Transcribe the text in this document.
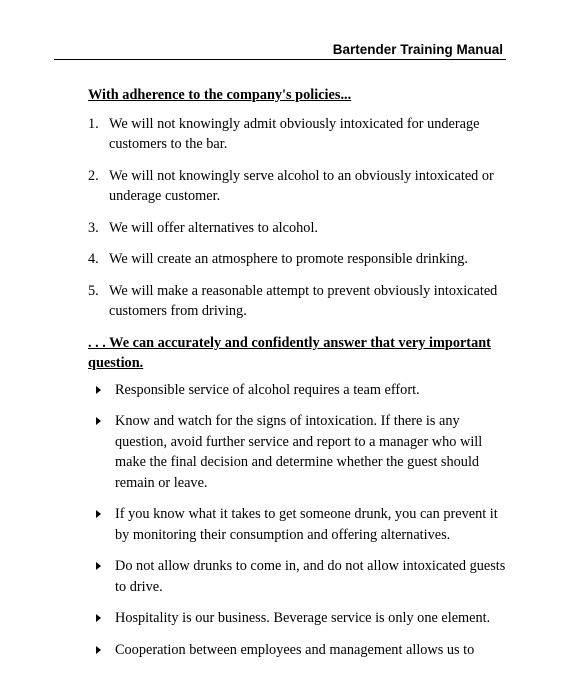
Bartender Training Manual

With adherence to the company's policies...

1. We will not knowingly admit obviously intoxicated for underage customers to the bar.
2. We will not knowingly serve alcohol to an obviously intoxicated or underage customer.
3. We will offer alternatives to alcohol.
4. We will create an atmosphere to promote responsible drinking.
5. We will make a reasonable attempt to prevent obviously intoxicated customers from driving.

. . . We can accurately and confidently answer that very important question.

Responsible service of alcohol requires a team effort.
Know and watch for the signs of intoxication. If there is any question, avoid further service and report to a manager who will make the final decision and determine whether the guest should remain or leave.
If you know what it takes to get someone drunk, you can prevent it by monitoring their consumption and offering alternatives.
Do not allow drunks to come in, and do not allow intoxicated guests to drive.
Hospitality is our business. Beverage service is only one element.
Cooperation between employees and management allows us to
